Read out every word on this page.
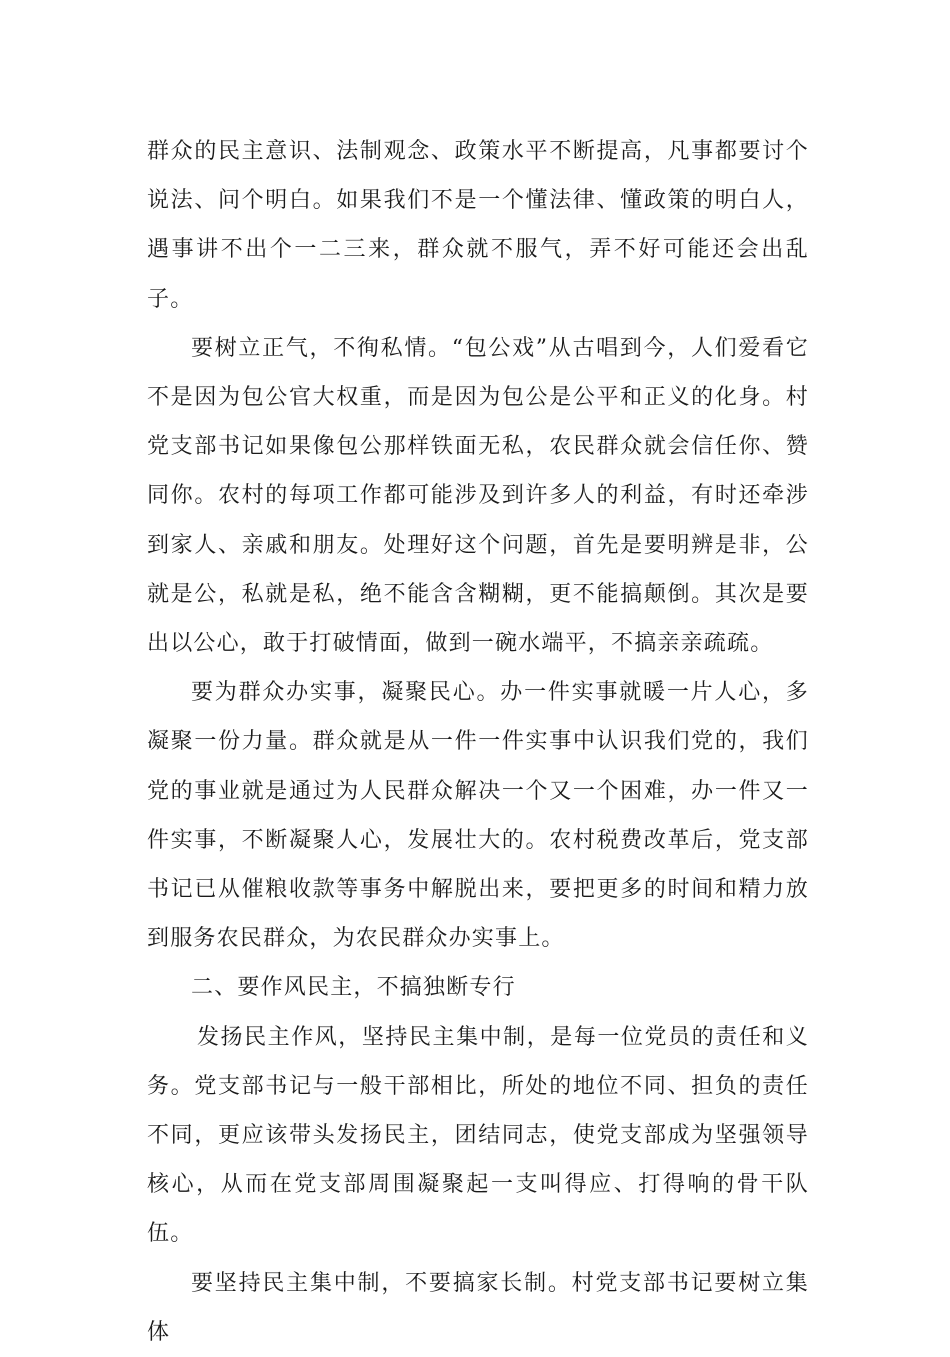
群众的民主意识、法制观念、政策水平不断提高，凡事都要讨个说法、问个明白。如果我们不是一个懂法律、懂政策的明白人，遇事讲不出个一二三来，群众就不服气，弄不好可能还会出乱子。

要树立正气，不徇私情。“包公戏”从古唱到今，人们爱看它不是因为包公官大权重，而是因为包公是公平和正义的化身。村党支部书记如果像包公那样铁面无私，农民群众就会信任你、赞同你。农村的每项工作都可能涉及到许多人的利益，有时还牵涉到家人、亲戚和朋友。处理好这个问题，首先是要明辨是非，公就是公，私就是私，绝不能含含糊糊，更不能搞颠倒。其次是要出以公心，敢于打破情面，做到一碗水端平，不搞亲亲疏疏。

要为群众办实事，凝聚民心。办一件实事就暖一片人心，多凝聚一份力量。群众就是从一件一件实事中认识我们党的，我们党的事业就是通过为人民群众解决一个又一个困难，办一件又一件实事，不断凝聚人心，发展壮大的。农村税费改革后，党支部书记已从催粮收款等事务中解脱出来，要把更多的时间和精力放到服务农民群众，为农民群众办实事上。

二、要作风民主，不搞独断专行

发扬民主作风，坚持民主集中制，是每一位党员的责任和义务。党支部书记与一般干部相比，所处的地位不同、担负的责任不同，更应该带头发扬民主，团结同志，使党支部成为坚强领导核心，从而在党支部周围凝聚起一支叫得应、打得响的骨干队伍。

要坚持民主集中制，不要搞家长制。村党支部书记要树立集体
